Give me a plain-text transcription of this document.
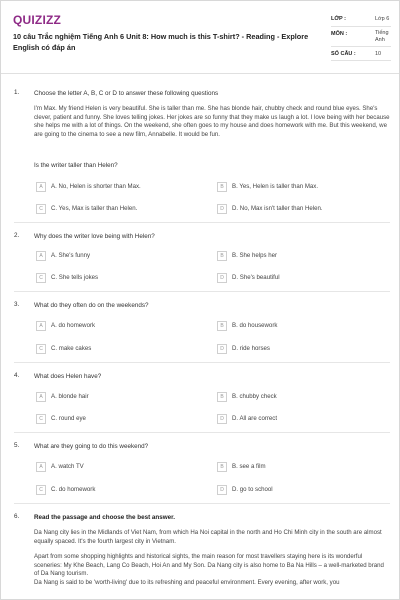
QUIZIZZ
10 câu Trắc nghiệm Tiếng Anh 6 Unit 8: How much is this T-shirt? - Reading - Explore English có đáp án
LỚP :	Lớp 6
MÔN :	Tiếng Anh
SỐ CÂU :	10
1. Choose the letter A, B, C or D to answer these following questions
I'm Max. My friend Helen is very beautiful. She is taller than me. She has blonde hair, chubby check and round blue eyes. She's clever, patient and funny. She loves telling jokes. Her jokes are so funny that they make us laugh a lot. I love being with her because she helps me with a lot of things. On the weekend, she often goes to my house and does homework with me. But this weekend, we are going to the cinema to see a new film, Annabelle. It would be fun.
Is the writer taller than Helen?
A	A. No, Helen is shorter than Max.	B	B. Yes, Helen is taller than Max.
C	C. Yes, Max is taller than Helen.	D	D. No, Max isn't taller than Helen.
2. Why does the writer love being with Helen?
A	A. She's funny	B	B. She helps her
C	C. She tells jokes	D	D. She's beautiful
3. What do they often do on the weekends?
A	A. do homework	B	B. do housework
C	C. make cakes	D	D. ride horses
4. What does Helen have?
A	A. blonde hair	B	B. chubby check
C	C. round eye	D	D. All are correct
5. What are they going to do this weekend?
A	A. watch TV	B	B. see a film
C	C. do homework	D	D. go to school
6. Read the passage and choose the best answer.
Da Nang city lies in the Midlands of Viet Nam, from which Ha Noi capital in the north and Ho Chi Minh city in the south are almost equally spaced. It's the fourth largest city in Vietnam.
Apart from some shopping highlights and historical sights, the main reason for most travellers staying here is its wonderful sceneries: My Khe Beach, Lang Co Beach, Hoi An and My Son. Da Nang city is also home to Ba Na Hills – a well-marketed brand of Da Nang tourism.
Da Nang is said to be 'worth-living' due to its refreshing and peaceful environment. Every evening, after work, you
